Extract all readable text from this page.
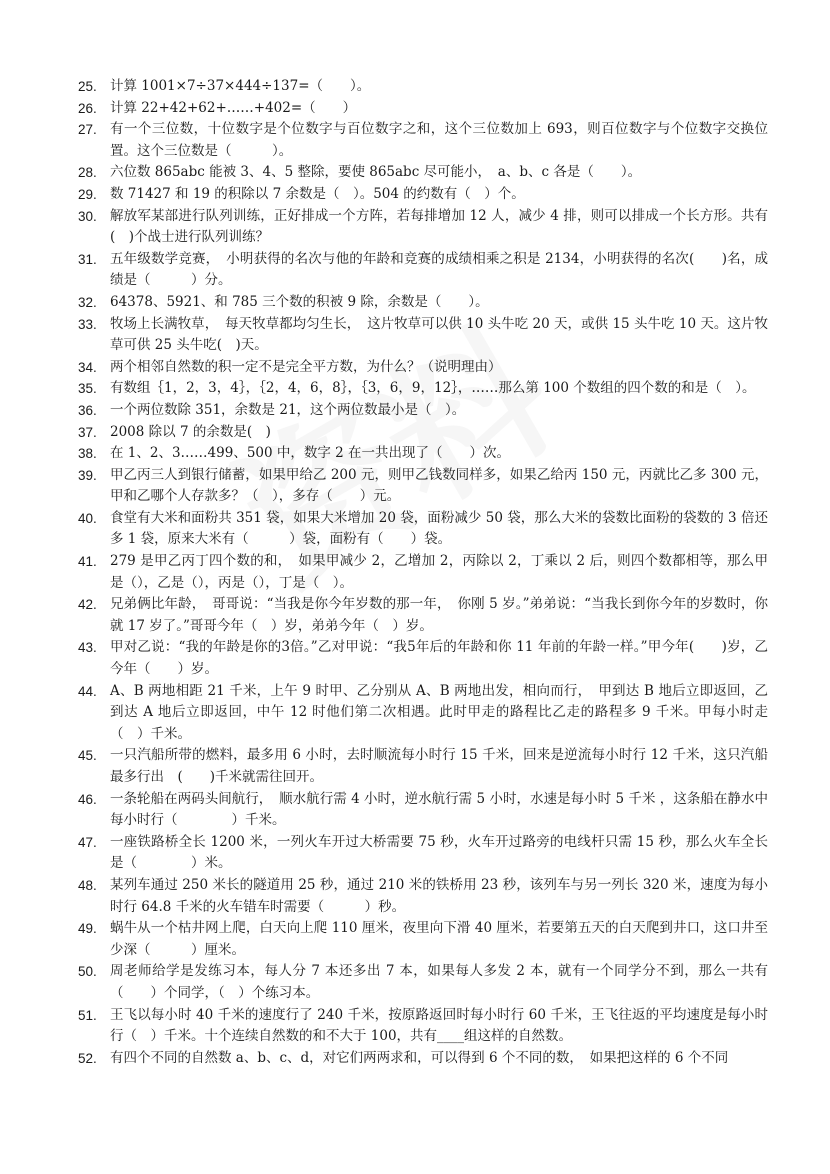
25. 计算 1001×7÷37×444÷137=（　　）。
26. 计算 22+42+62+……+402=（　　）
27. 有一个三位数，十位数字是个位数字与百位数字之和，这个三位数加上 693，则百位数字与个位数字交换位置。这个三位数是（　　　）。
28. 六位数 865abc 能被 3、4、5 整除，要使 865abc 尽可能小，　a、b、c 各是（　　）。
29. 数 71427 和 19 的积除以 7 余数是（　）。504 的约数有（　）个。
30. 解放军某部进行队列训练，正好排成一个方阵，若每排增加 12 人，减少 4 排，则可以排成一个长方形。共有(　)个战士进行队列训练？
31. 五年级数学竞赛，　小明获得的名次与他的年龄和竞赛的成绩相乘之积是 2134，小明获得的名次(　　)名，成绩是（　　　）分。
32. 64378、5921、和 785 三个数的积被 9 除，余数是（　　）。
33. 牧场上长满牧草，　每天牧草都均匀生长，　这片牧草可以供 10 头牛吃 20 天，或供 15 头牛吃 10 天。这片牧草可供 25 头牛吃(　)天。
34. 两个相邻自然数的积一定不是完全平方数，为什么？（说明理由）
35. 有数组｛1，2，3，4｝，｛2，4，6，8｝，｛3，6，9，12｝，……那么第 100 个数组的四个数的和是（　）。
36. 一个两位数除 351，余数是 21，这个两位数最小是（　）。
37. 2008 除以 7 的余数是(　)
38. 在 1、2、3……499、500 中，数字 2 在一共出现了（　　）次。
39. 甲乙丙三人到银行储蓄，如果甲给乙 200 元，则甲乙钱数同样多，如果乙给丙 150 元，丙就比乙多 300 元，甲和乙哪个人存款多？（　），多存（　　）元。
40. 食堂有大米和面粉共 351 袋，如果大米增加 20 袋，面粉减少 50 袋，那么大米的袋数比面粉的袋数的 3 倍还多 1 袋，原来大米有（　　　）袋，面粉有（　　）袋。
41. 279 是甲乙丙丁四个数的和，　如果甲减少 2，乙增加 2，丙除以 2，丁乘以 2 后，则四个数都相等，那么甲是（），乙是（），丙是（），丁是（　）。
42. 兄弟俩比年龄，　哥哥说：“当我是你今年岁数的那一年，　你刚 5 岁。”弟弟说：“当我长到你今年的岁数时，你就 17 岁了。”哥哥今年（　）岁，弟弟今年（　）岁。
43. 甲对乙说：“我的年龄是你的3倍。”乙对甲说：“我5年后的年龄和你 11 年前的年龄一样。”甲今年(　　)岁，乙今年（　　）岁。
44. A、B 两地相距 21 千米，上午 9 时甲、乙分别从 A、B 两地出发，相向而行，　甲到达 B 地后立即返回，乙到达 A 地后立即返回，中午 12 时他们第二次相遇。此时甲走的路程比乙走的路程多 9 千米。甲每小时走（　）千米。
45. 一只汽船所带的燃料，最多用 6 小时，去时顺流每小时行 15 千米，回来是逆流每小时行 12 千米，这只汽船最多行出　(　　)千米就需往回开。
46. 一条轮船在两码头间航行，　顺水航行需 4 小时，逆水航行需 5 小时，水速是每小时 5 千米 ，这条船在静水中每小时行（　　　　）千米。
47. 一座铁路桥全长 1200 米，一列火车开过大桥需要 75 秒，火车开过路旁的电线杆只需 15 秒，那么火车全长是（　　　　）米。
48. 某列车通过 250 米长的隧道用 25 秒，通过 210 米的铁桥用 23 秒，该列车与另一列长 320 米，速度为每小时行 64.8 千米的火车错车时需要（　　　）秒。
49. 蜗牛从一个枯井网上爬，白天向上爬 110 厘米，夜里向下滑 40 厘米，若要第五天的白天爬到井口，这口井至少深（　　　）厘米。
50. 周老师给学是发练习本，每人分 7 本还多出 7 本，如果每人多发 2 本，就有一个同学分不到，那么一共有（　　）个同学，（　）个练习本。
51. 王飞以每小时 40 千米的速度行了 240 千米，按原路返回时每小时行 60 千米，王飞往返的平均速度是每小时行（　）千米。十个连续自然数的和不大于 100，共有____组这样的自然数。
52. 有四个不同的自然数 a、b、c、d，对它们两两求和，可以得到 6 个不同的数，　如果把这样的 6 个不同
